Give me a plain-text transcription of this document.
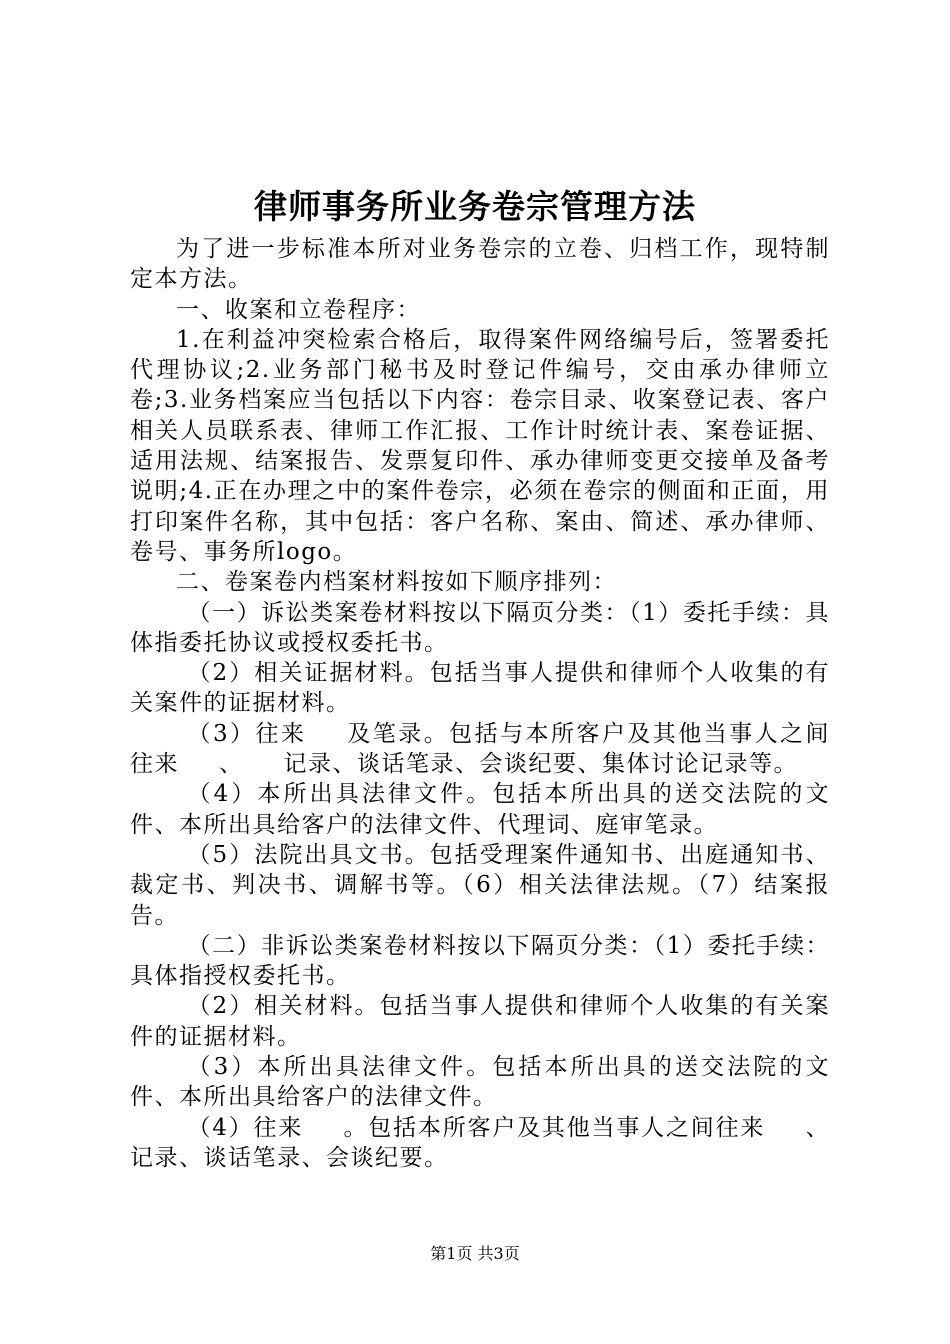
律师事务所业务卷宗管理方法

为了进一步标准本所对业务卷宗的立卷、归档工作，现特制定本方法。

一、收案和立卷程序：

1.在利益冲突检索合格后，取得案件网络编号后，签署委托代理协议;2.业务部门秘书及时登记件编号，交由承办律师立卷;3.业务档案应当包括以下内容：卷宗目录、收案登记表、客户相关人员联系表、律师工作汇报、工作计时统计表、案卷证据、适用法规、结案报告、发票复印件、承办律师变更交接单及备考说明;4.正在办理之中的案件卷宗，必须在卷宗的侧面和正面，用打印案件名称，其中包括：客户名称、案由、简述、承办律师、卷号、事务所logo。

二、卷案卷内档案材料按如下顺序排列：

（一）诉讼类案卷材料按以下隔页分类：（1）委托手续：具体指委托协议或授权委托书。

（2）相关证据材料。包括当事人提供和律师个人收集的有关案件的证据材料。

（3）往来 及笔录。包括与本所客户及其他当事人之间往来 、 记录、谈话笔录、会谈纪要、集体讨论记录等。

（4）本所出具法律文件。包括本所出具的送交法院的文件、本所出具给客户的法律文件、代理词、庭审笔录。

（5）法院出具文书。包括受理案件通知书、出庭通知书、裁定书、判决书、调解书等。（6）相关法律法规。（7）结案报告。

（二）非诉讼类案卷材料按以下隔页分类：（1）委托手续：具体指授权委托书。

（2）相关材料。包括当事人提供和律师个人收集的有关案件的证据材料。

（3）本所出具法律文件。包括本所出具的送交法院的文件、本所出具给客户的法律文件。

（4）往来 。包括本所客户及其他当事人之间往来 、记录、谈话笔录、会谈纪要。

第1页 共3页
